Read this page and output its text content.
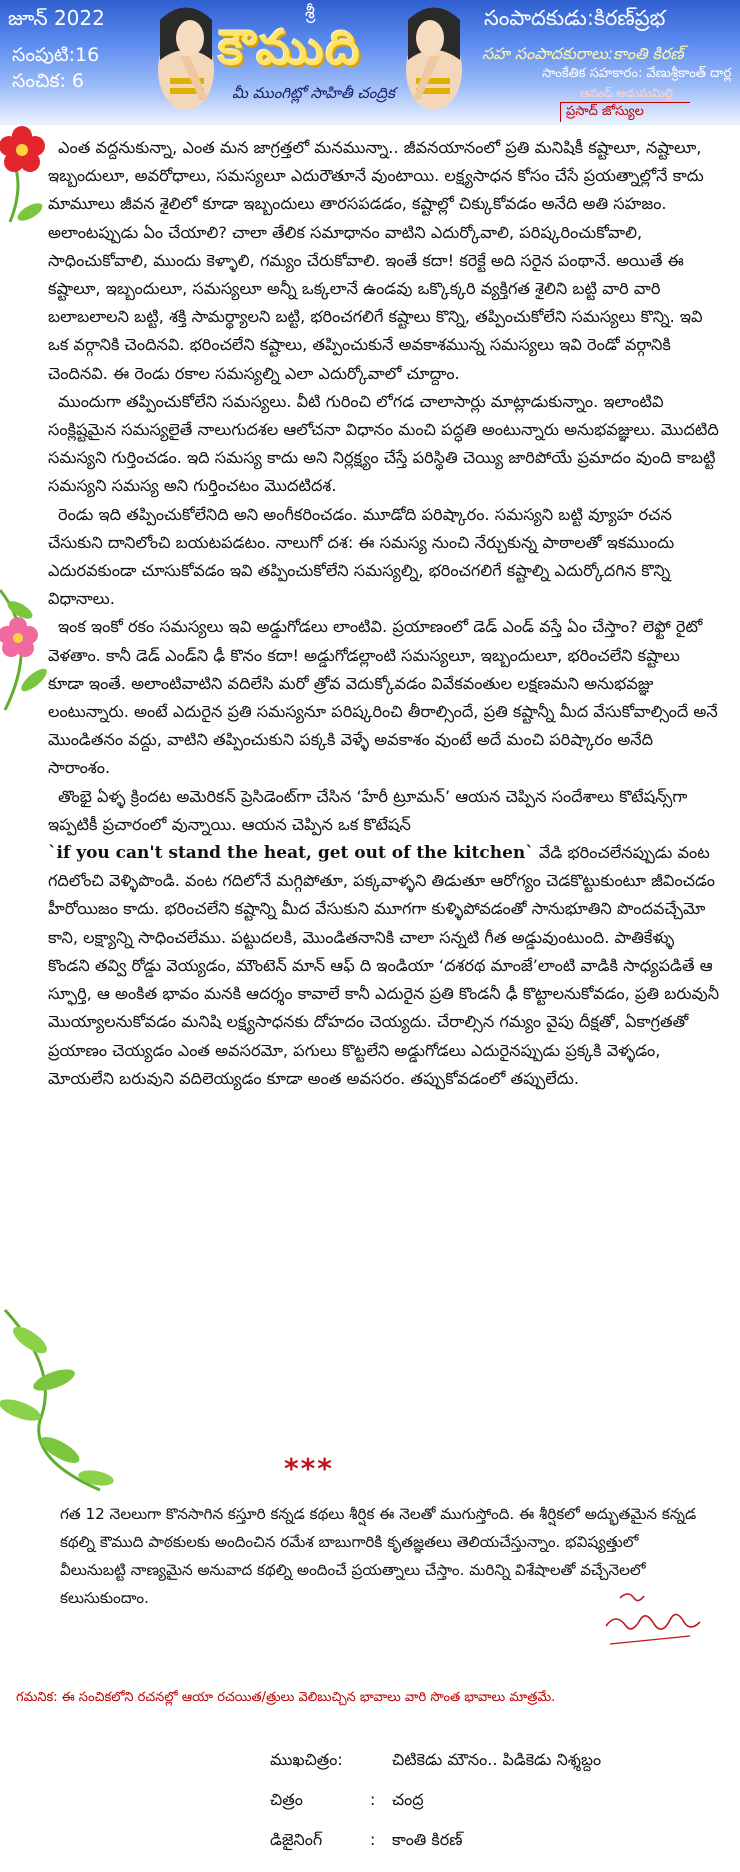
జూన్ 2022
సంపుటి:16
సంచిక: 6
శ్రీ
కౌముది
మీ ముంగిట్లో సాహితీ చంద్రిక
సంపాదకుడు:కిరణ్‌ప్రభ
సహ సంపాదకురాలు:కాంతి కిరణ్
సాంకేతిక సహకారం: వేణుశ్రీకాంత్ దార్ల
ఆనంద్ అడుసుమిల్లి
ప్రసాద్ జోస్యుల

ఎంత వద్దనుకున్నా, ఎంత మన జాగ్రత్తలో మనమున్నా.. జీవనయానంలో ప్రతి మనిషికీ కష్టాలూ, నష్టాలూ, ఇబ్బందులూ, అవరోధాలు, సమస్యలూ ఎదురౌతూనే వుంటాయి. లక్ష్యసాధన కోసం చేసే ప్రయత్నాల్లోనే కాదు మామూలు జీవన శైలిలో కూడా ఇబ్బందులు తారసపడడం, కష్టాల్లో చిక్కుకోవడం అనేది అతి సహజం. అలాంటప్పుడు ఏం చేయాలి? చాలా తేలిక సమాధానం వాటిని ఎదుర్కోవాలి, పరిష్కరించుకోవాలి, సాధించుకోవాలి, ముందు కెళ్ళాలి, గమ్యం చేరుకోవాలి. ఇంతే కదా! కరెక్టే అది సరైన పంథానే. అయితే ఈ కష్టాలూ, ఇబ్బందులూ, సమస్యలూ అన్నీ ఒక్కలానే ఉండవు ఒక్కొక్కరి వ్యక్తిగత శైలిని బట్టి వారి వారి బలాబలాలని బట్టి, శక్తి సామర్థ్యాలని బట్టి, భరించగలిగే కష్టాలు కొన్ని, తప్పించుకోలేని సమస్యలు కొన్ని. ఇవి ఒక వర్గానికి చెందినవి. భరించలేని కష్టాలు, తప్పించుకునే అవకాశమున్న సమస్యలు ఇవి రెండో వర్గానికి చెందినవి. ఈ రెండు రకాల సమస్యల్ని ఎలా ఎదుర్కోవాలో చూద్దాం.

ముందుగా తప్పించుకోలేని సమస్యలు. వీటి గురించి లోగడ చాలాసార్లు మాట్లాడుకున్నాం. ఇలాంటివి సంక్లిష్టమైన సమస్యలైతే నాలుగుదశల ఆలోచనా విధానం మంచి పద్ధతి అంటున్నారు అనుభవజ్ఞులు. మొదటిది సమస్యని గుర్తించడం. ఇది సమస్య కాదు అని నిర్లక్ష్యం చేస్తే పరిస్థితి చెయ్యి జారిపోయే ప్రమాదం వుంది కాబట్టి సమస్యని సమస్య అని గుర్తించటం మొదటిదశ.

రెండు ఇది తప్పించుకోలేనిది అని అంగీకరించడం. మూడోది పరిష్కారం. సమస్యని బట్టి వ్యూహ రచన చేసుకుని దానిలోంచి బయటపడటం. నాలుగో దశ: ఈ సమస్య నుంచి నేర్చుకున్న పాఠాలతో ఇకముందు ఎదురవకుండా చూసుకోవడం ఇవి తప్పించుకోలేని సమస్యల్ని, భరించగలిగే కష్టాల్ని ఎదుర్కోదగిన కొన్ని విధానాలు.

ఇంక ఇంకో రకం సమస్యలు ఇవి అడ్డుగోడలు లాంటివి. ప్రయాణంలో డెడ్ ఎండ్ వస్తే ఏం చేస్తాం? లెఫ్టో రైటో వెళతాం. కానీ డెడ్ ఎండ్‌ని ఢీ కొనం కదా! అడ్డుగోడల్లాంటి సమస్యలూ, ఇబ్బందులూ, భరించలేని కష్టాలు కూడా ఇంతే. అలాంటివాటిని వదిలేసి మరో త్రోవ వెదుక్కోవడం వివేకవంతుల లక్షణమని అనుభవజ్ఞు లంటున్నారు. అంటే ఎదురైన ప్రతి సమస్యనూ పరిష్కరించి తీరాల్సిందే, ప్రతి కష్టాన్నీ మీద వేసుకోవాల్సిందే అనే మొండితనం వద్దు, వాటిని తప్పించుకుని పక్కకి వెళ్ళే అవకాశం వుంటే అదే మంచి పరిష్కారం అనేది సారాంశం.

తొంభై ఏళ్ళ క్రిందట అమెరికన్ ప్రెసిడెంట్‌గా చేసిన ‘హేరీ ట్రూమన్’ ఆయన చెప్పిన సందేశాలు కొటేషన్స్‌గా ఇప్పటికీ ప్రచారంలో వున్నాయి. ఆయన చెప్పిన ఒక కొటేషన్
`if you can't stand the heat, get out of the kitchen` వేడి భరించలేనప్పుడు వంట గదిలోంచి వెళ్ళిపొండి. వంట గదిలోనే మగ్గిపోతూ, పక్కవాళ్ళని తిడుతూ ఆరోగ్యం చెడకొట్టుకుంటూ జీవించడం హీరోయిజం కాదు. భరించలేని కష్టాన్ని మీద వేసుకుని మూగగా కుళ్ళిపోవడంతో సానుభూతిని పొందవచ్చేమో కాని, లక్ష్యాన్ని సాధించలేము. పట్టుదలకి, మొండితనానికి చాలా సన్నటి గీత అడ్డువుంటుంది. పాతికేళ్ళు కొండని తవ్వి రోడ్డు వెయ్యడం, మౌంటెన్ మాన్ ఆఫ్ ది ఇండియా ‘దశరథ మాంజే’లాంటి వాడికి సాధ్యపడితే ఆ స్ఫూర్తి, ఆ అంకిత భావం మనకి ఆదర్శం కావాలే కానీ ఎదురైన ప్రతి కొండనీ ఢీ కొట్టాలనుకోవడం, ప్రతి బరువునీ మొయ్యాలనుకోవడం మనిషి లక్ష్యసాధనకు దోహదం చెయ్యదు. చేరాల్సిన గమ్యం వైపు దీక్షతో, ఏకాగ్రతతో ప్రయాణం చెయ్యడం ఎంత అవసరమో, పగులు కొట్టలేని అడ్డుగోడలు ఎదురైనప్పుడు ప్రక్కకి వెళ్ళడం, మోయలేని బరువుని వదిలెయ్యడం కూడా అంత అవసరం. తప్పుకోవడంలో తప్పులేదు.

***
గత 12 నెలలుగా కొనసాగిన కస్తూరి కన్నడ కథలు శీర్షిక ఈ నెలతో ముగుస్తోంది. ఈ శీర్షికలో అద్భుతమైన కన్నడ కథల్ని కౌముది పాఠకులకు అందించిన రమేశ బాబుగారికి కృతజ్ఞతలు తెలియచేస్తున్నాం. భవిష్యత్తులో వీలునుబట్టి నాణ్యమైన అనువాద కథల్ని అందించే ప్రయత్నాలు చేస్తాం. మరిన్ని విశేషాలతో వచ్చేనెలలో కలుసుకుందాం.
గమనిక: ఈ సంచికలోని రచనల్లో ఆయా రచయిత/త్రులు వెలిబుచ్చిన భావాలు వారి సొంత భావాలు మాత్రమే.
ముఖచిత్రం:	చిటికెడు మౌనం.. పిడికెడు నిశ్శబ్దం
చిత్రం	: చంద్ర
డిజైనింగ్	: కాంతి కిరణ్
